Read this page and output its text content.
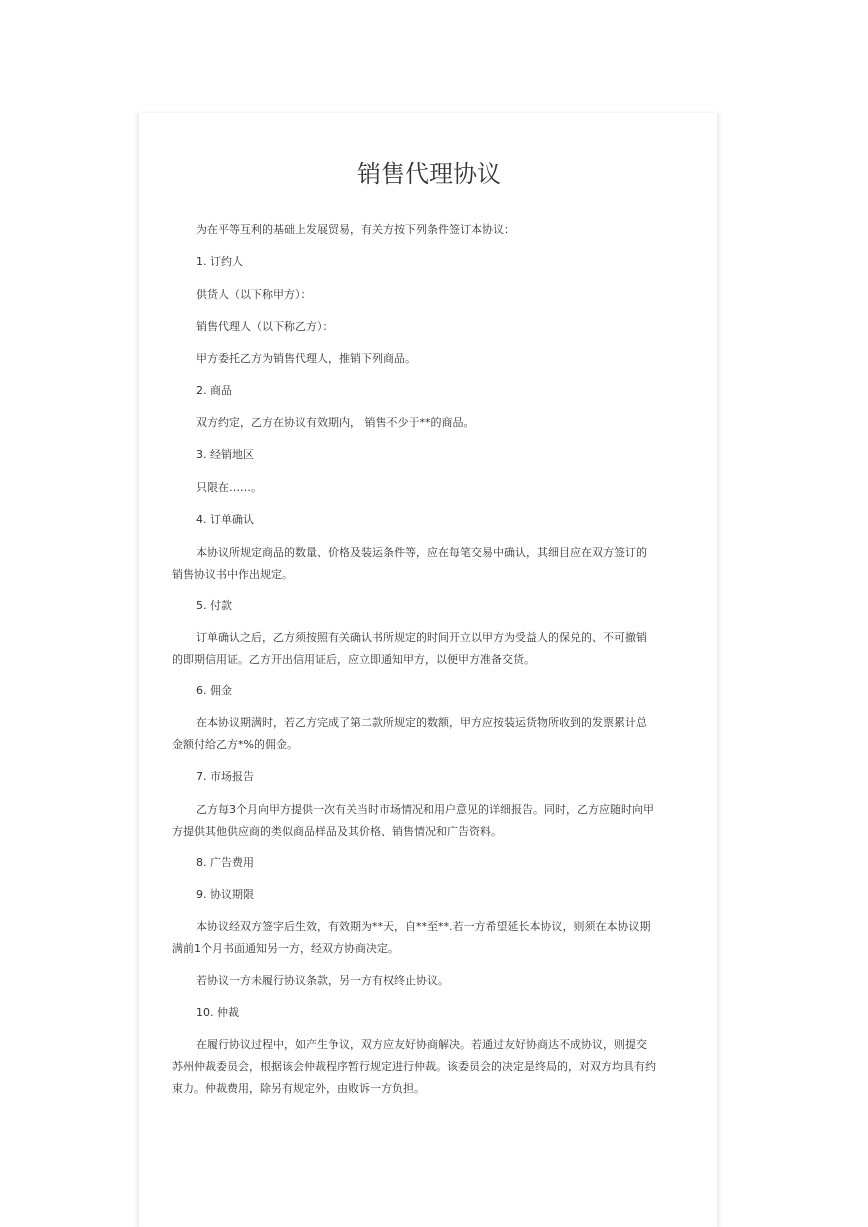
销售代理协议

为在平等互利的基础上发展贸易，有关方按下列条件签订本协议：

1. 订约人

供货人（以下称甲方）：

销售代理人（以下称乙方）：

甲方委托乙方为销售代理人，推销下列商品。

2. 商品

双方约定，乙方在协议有效期内， 销售不少于**的商品。

3. 经销地区

只限在……。

4. 订单确认

本协议所规定商品的数量、价格及装运条件等，应在每笔交易中确认，其细目应在双方签订的销售协议书中作出规定。

5. 付款

订单确认之后，乙方须按照有关确认书所规定的时间开立以甲方为受益人的保兑的、不可撤销的即期信用证。乙方开出信用证后，应立即通知甲方，以便甲方准备交货。

6. 佣金

在本协议期满时，若乙方完成了第二款所规定的数额，甲方应按装运货物所收到的发票累计总金额付给乙方*%的佣金。

7. 市场报告

乙方每3个月向甲方提供一次有关当时市场情况和用户意见的详细报告。同时，乙方应随时向甲方提供其他供应商的类似商品样品及其价格、销售情况和广告资料。

8. 广告费用

9. 协议期限

本协议经双方签字后生效，有效期为**天，自**至**.若一方希望延长本协议，则须在本协议期满前1个月书面通知另一方，经双方协商决定。

若协议一方未履行协议条款，另一方有权终止协议。

10. 仲裁

在履行协议过程中，如产生争议，双方应友好协商解决。若通过友好协商达不成协议，则提交苏州仲裁委员会，根据该会仲裁程序暂行规定进行仲裁。该委员会的决定是终局的，对双方均具有约束力。仲裁费用，除另有规定外，由败诉一方负担。
